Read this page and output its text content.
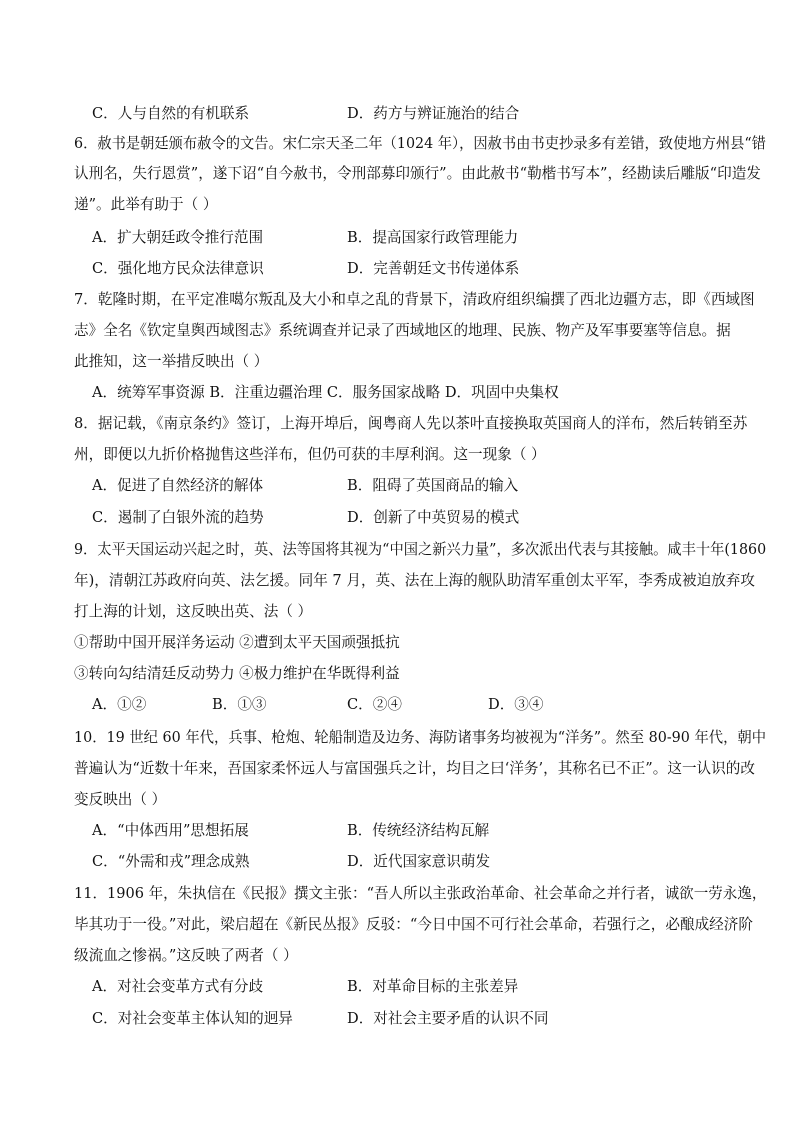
C．人与自然的有机联系	D．药方与辨证施治的结合
6．赦书是朝廷颁布赦令的文告。宋仁宗天圣二年（1024 年），因赦书由书吏抄录多有差错，致使地方州县“错
认刑名，失行恩赏”，遂下诏“自今赦书，令刑部募印颁行”。由此赦书“勒楷书写本”，经勘读后雕版“印造发
递”。此举有助于（ ）
A．扩大朝廷政令推行范围	B．提高国家行政管理能力
C．强化地方民众法律意识	D．完善朝廷文书传递体系
7．乾隆时期，在平定准噶尔叛乱及大小和卓之乱的背景下，清政府组织编撰了西北边疆方志，即《西域图
志》全名《钦定皇舆西域图志》系统调查并记录了西域地区的地理、民族、物产及军事要塞等信息。据
此推知，这一举措反映出（ ）
A．统筹军事资源 B．注重边疆治理 C．服务国家战略 D．巩固中央集权
8．据记载，《南京条约》签订，上海开埠后，闽粤商人先以茶叶直接换取英国商人的洋布，然后转销至苏
州，即便以九折价格抛售这些洋布，但仍可获的丰厚利润。这一现象（ ）
A．促进了自然经济的解体	B．阻碍了英国商品的输入
C．遏制了白银外流的趋势	D．创新了中英贸易的模式
9．太平天国运动兴起之时，英、法等国将其视为“中国之新兴力量”，多次派出代表与其接触。咸丰十年(1860
年)，清朝江苏政府向英、法乞援。同年 7 月，英、法在上海的舰队助清军重创太平军，李秀成被迫放弃攻
打上海的计划，这反映出英、法（ ）
①帮助中国开展洋务运动 ②遭到太平天国顽强抵抗
③转向勾结清廷反动势力 ④极力维护在华既得利益
A．①②	B．①③	C．②④	D．③④
10．19 世纪 60 年代，兵事、枪炮、轮船制造及边务、海防诸事务均被视为“洋务”。然至 80-90 年代，朝中
普遍认为“近数十年来，吾国家柔怀远人与富国强兵之计，均目之曰‘洋务’，其称名已不正”。这一认识的改
变反映出（ ）
A．“中体西用”思想拓展	B．传统经济结构瓦解
C．“外需和戎”理念成熟	D．近代国家意识萌发
11．1906 年，朱执信在《民报》撰文主张：“吾人所以主张政治革命、社会革命之并行者，诚欲一劳永逸，
毕其功于一役。”对此，梁启超在《新民丛报》反驳：“今日中国不可行社会革命，若强行之，必酿成经济阶
级流血之惨祸。”这反映了两者（ ）
A．对社会变革方式有分歧	B．对革命目标的主张差异
C．对社会变革主体认知的迥异	D．对社会主要矛盾的认识不同
